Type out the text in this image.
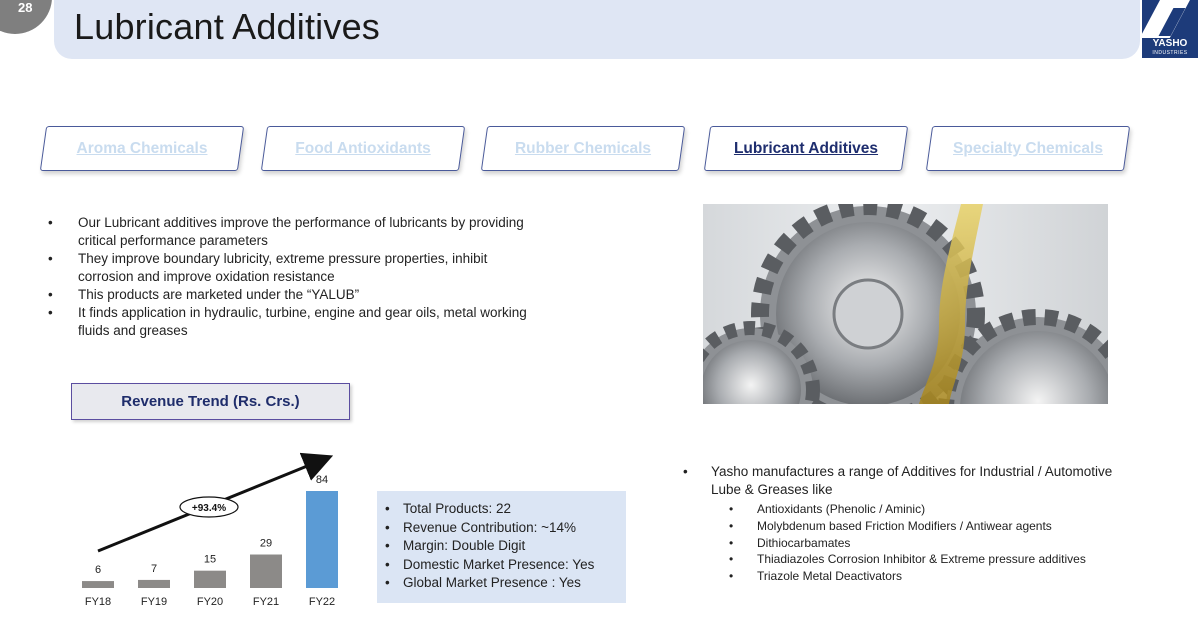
28 Lubricant Additives	YASHO
INDUSTRIES
Aroma Chemicals	Food Antioxidants	Rubber Chemicals	Lubricant Additives	Specialty Chemicals
• Our Lubricant additives improve the performance of lubricants by providing critical performance parameters
• They improve boundary lubricity, extreme pressure properties, inhibit corrosion and improve oxidation resistance
• This products are marketed under the “YALUB”
• It finds application in hydraulic, turbine, engine and gear oils, metal working fluids and greases
Revenue Trend (Rs. Crs.)
+93.4%
6
FY18
7
FY19
15
FY20
29
FY21
84
FY22
• Total Products: 22
• Revenue Contribution: ~14%
• Margin: Double Digit
• Domestic Market Presence: Yes
• Global Market Presence : Yes
• Yasho manufactures a range of Additives for Industrial / Automotive Lube & Greases like
• Antioxidants (Phenolic / Aminic)
• Molybdenum based Friction Modifiers / Antiwear agents
• Dithiocarbamates
• Thiadiazoles Corrosion Inhibitor & Extreme pressure additives
• Triazole Metal Deactivators
